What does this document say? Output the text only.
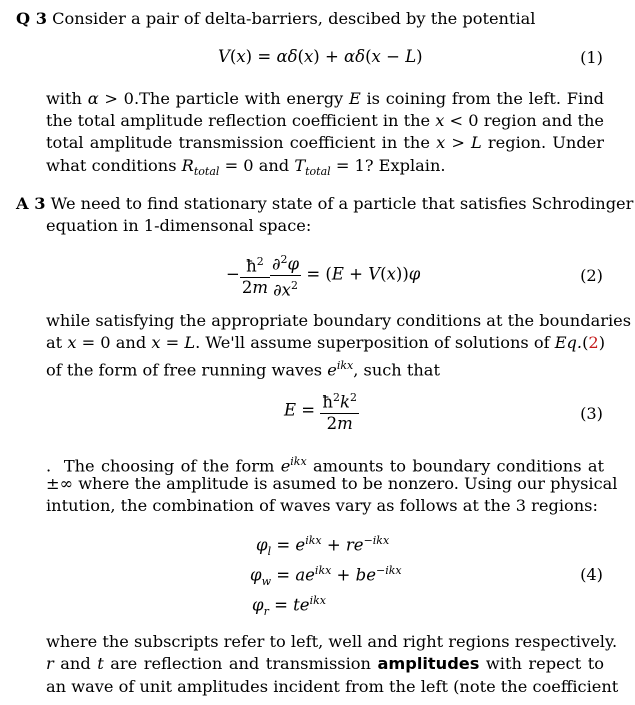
Q 3 Consider a pair of delta-barriers, descibed by the potential
V(x) = αδ(x) + αδ(x − L)	(1)
with α > 0.The particle with energy E is coining from the left. Find
the total amplitude reflection coefficient in the x < 0 region and the
total amplitude transmission coefficient in the x > L region. Under
what conditions $R_{total} = 0$ and $T_{total} = 1$? Explain.
A 3 We need to find stationary state of a particle that satisfies Schrodinger
equation in 1-dimensonal space:
− $\frac{ħ^2}{2m} \frac{\partial^2\varphi}{\partial x^2} = (E + V(x))\varphi$	(2)
while satisfying the appropriate boundary conditions at the boundaries
at x = 0 and x = L. We'll assume superposition of solutions of Eq.(2)
of the form of free running waves $e^{ikx}$, such that
$E = \frac{ħ^2k^2}{2m}$	(3)
.  The choosing of the form $e^{ikx}$ amounts to boundary conditions at
±∞ where the amplitude is asumed to be nonzero. Using our physical
intution, the combination of waves vary as follows at the 3 regions:
$\varphi_l = e^{ikx} + re^{-ikx}$
$\varphi_w = ae^{ikx} + be^{-ikx}$
$\varphi_r = te^{ikx}$
(4)
where the subscripts refer to left, well and right regions respectively.
r and t are reflection and transmission amplitudes with repect to
an wave of unit amplitudes incident from the left (note the coefficient
